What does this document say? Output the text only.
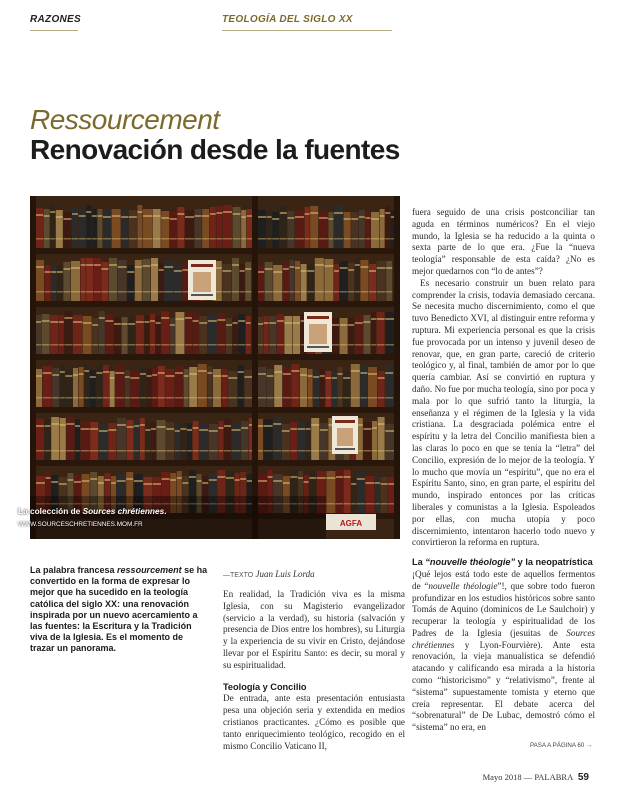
RAZONES	TEOLOGÍA DEL SIGLO XX
Ressourcement
Renovación desde la fuentes
AGFA
La colección de Sources chrétiennes.
WWW.SOURCESCHRETIENNES.MOM.FR

La palabra francesa ressourcement se ha convertido en la forma de expresar lo mejor que ha sucedido en la teología católica del siglo XX: una renovación inspirada por un nuevo acercamiento a las fuentes: la Escritura y la Tradición viva de la Iglesia. Es el momento de trazar un panorama.

—TEXTO Juan Luis Lorda

En realidad, la Tradición viva es la misma Iglesia, con su Magisterio evangelizador (servicio a la verdad), su historia (salvación y presencia de Dios entre los hombres), su Liturgia y la experiencia de su vivir en Cristo, dejándose llevar por el Espíritu Santo: es decir, su moral y su espiritualidad.

Teología y Concilio

De entrada, ante esta presentación entusiasta pesa una objeción seria y extendida en medios cristianos practicantes. ¿Cómo es posible que tanto enriquecimiento teológico, recogido en el mismo Concilio Vaticano II,

fuera seguido de una crisis postconciliar tan aguda en términos numéricos? En el viejo mundo, la Iglesia se ha reducido a la quinta o sexta parte de lo que era. ¿Fue la “nueva teología” responsable de esta caída? ¿No es mejor quedarnos con “lo de antes”?

Es necesario construir un buen relato para comprender la crisis, todavía demasiado cercana. Se necesita mucho discernimiento, como el que tuvo Benedicto XVI, al distinguir entre reforma y ruptura. Mi experiencia personal es que la crisis fue provocada por un intenso y juvenil deseo de renovar, que, en gran parte, careció de criterio teológico y, al final, también de amor por lo que quería cambiar. Así se convirtió en ruptura y daño. No fue por mucha teología, sino por poca y mala por lo que sufrió tanto la liturgia, la enseñanza y el régimen de la Iglesia y la vida cristiana. La desgraciada polémica entre el espíritu y la letra del Concilio manifiesta bien a las claras lo poco en que se tenía la “letra” del Concilio, expresión de lo mejor de la teología. Y lo mucho que movía un “espíritu”, que no era el Espíritu Santo, sino, en gran parte, el espíritu del mundo, inspirado entonces por las críticas liberales y comunistas a la Iglesia. Espoleados por ellas, con mucha utopía y poco discernimiento, intentaron hacerlo todo nuevo y convirtieron la reforma en ruptura.

La “nouvelle théologie” y la neopatrística

¡Qué lejos está todo este de aquellos fermentos de “nouvelle théologie”!, que sobre todo fueron profundizar en los estudios históricos sobre santo Tomás de Aquino (dominicos de Le Saulchoir) y recuperar la teología y espiritualidad de los Padres de la Iglesia (jesuitas de Sources chrétiennes y Lyon-Fourvière). Ante esta renovación, la vieja manualística se defendió atacando y calificando esa mirada a la historia como “historicismo” y “relativismo”, frente al “sistema” supuestamente tomista y eterno que creía representar. El debate acerca del “sobrenatural” de De Lubac, demostró cómo el “sistema” no era, en

PASA A PÁGINA 60 →
Mayo 2018 — PALABRA 59
